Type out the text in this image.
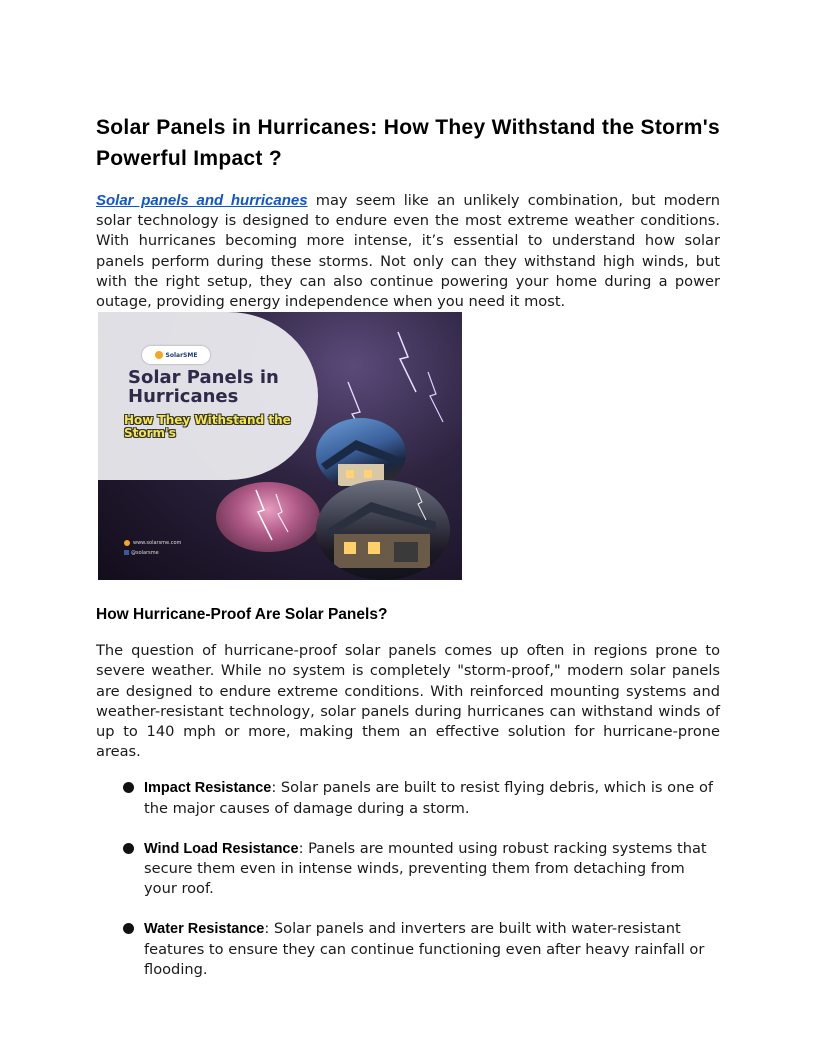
Solar Panels in Hurricanes: How They Withstand the Storm's Powerful Impact ?

Solar panels and hurricanes may seem like an unlikely combination, but modern solar technology is designed to endure even the most extreme weather conditions. With hurricanes becoming more intense, it’s essential to understand how solar panels perform during these storms. Not only can they withstand high winds, but with the right setup, they can also continue powering your home during a power outage, providing energy independence when you need it most.

SolarSME
Solar Panels in Hurricanes
How They Withstand the Storm's
www.solarsme.com
@solarsme
How Hurricane-Proof Are Solar Panels?

The question of hurricane-proof solar panels comes up often in regions prone to severe weather. While no system is completely "storm-proof," modern solar panels are designed to endure extreme conditions. With reinforced mounting systems and weather-resistant technology, solar panels during hurricanes can withstand winds of up to 140 mph or more, making them an effective solution for hurricane-prone areas.

Impact Resistance: Solar panels are built to resist flying debris, which is one of the major causes of damage during a storm.
Wind Load Resistance: Panels are mounted using robust racking systems that secure them even in intense winds, preventing them from detaching from your roof.
Water Resistance: Solar panels and inverters are built with water-resistant features to ensure they can continue functioning even after heavy rainfall or flooding.
